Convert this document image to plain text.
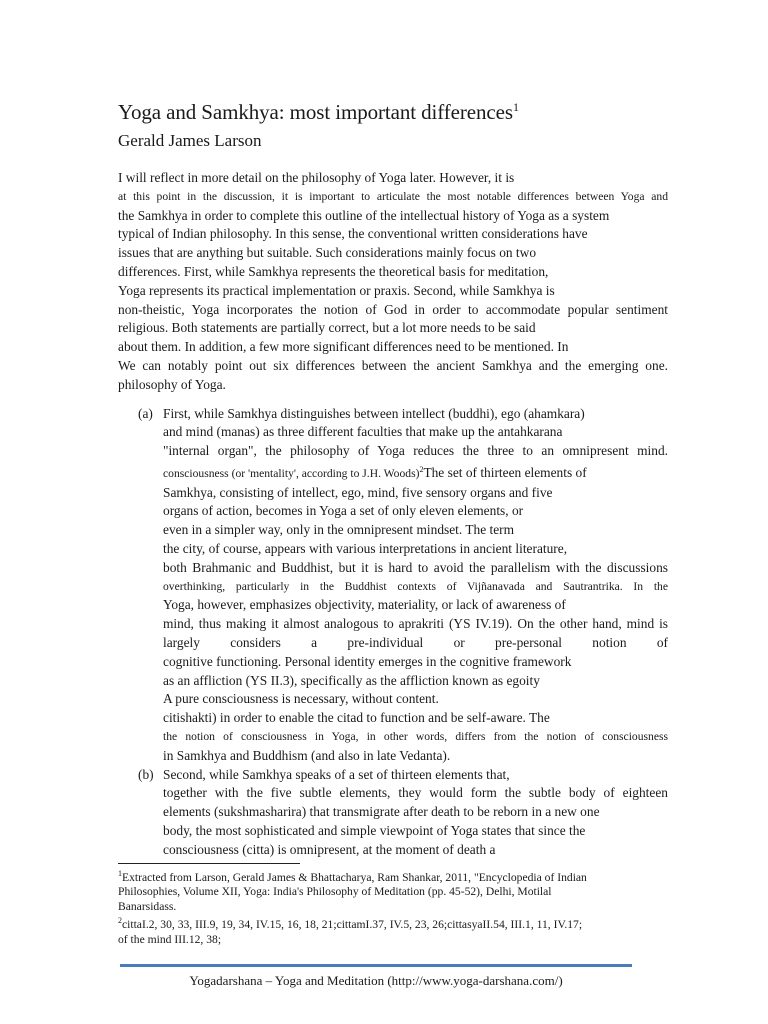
Yoga and Samkhya: most important differences$^1$
Gerald James Larson
I will reflect in more detail on the philosophy of Yoga later. However, it is
at this point in the discussion, it is important to articulate the most notable differences between Yoga and
the Samkhya in order to complete this outline of the intellectual history of Yoga as a system
typical of Indian philosophy. In this sense, the conventional written considerations have
issues that are anything but suitable. Such considerations mainly focus on two
differences. First, while Samkhya represents the theoretical basis for meditation,
Yoga represents its practical implementation or praxis. Second, while Samkhya is
non-theistic, Yoga incorporates the notion of God in order to accommodate popular sentiment
religious. Both statements are partially correct, but a lot more needs to be said
about them. In addition, a few more significant differences need to be mentioned. In
We can notably point out six differences between the ancient Samkhya and the emerging one.
philosophy of Yoga.
(a) First, while Samkhya distinguishes between intellect (buddhi), ego (ahamkara)
and mind (manas) as three different faculties that make up the antahkarana
"internal organ", the philosophy of Yoga reduces the three to an omnipresent mind.
consciousness (or 'mentality', according to J.H. Woods)$^2$The set of thirteen elements of
Samkhya, consisting of intellect, ego, mind, five sensory organs and five
organs of action, becomes in Yoga a set of only eleven elements, or
even in a simpler way, only in the omnipresent mindset. The term
the city, of course, appears with various interpretations in ancient literature,
both Brahmanic and Buddhist, but it is hard to avoid the parallelism with the discussions
overthinking, particularly in the Buddhist contexts of Vijñanavada and Sautrantrika. In the
Yoga, however, emphasizes objectivity, materiality, or lack of awareness of
mind, thus making it almost analogous to aprakriti (YS IV.19). On the other hand, mind is
largely considers a pre-individual or pre-personal notion of
cognitive functioning. Personal identity emerges in the cognitive framework
as an affliction (YS II.3), specifically as the affliction known as egoity
A pure consciousness is necessary, without content.
citishakti) in order to enable the citad to function and be self-aware. The
the notion of consciousness in Yoga, in other words, differs from the notion of consciousness
in Samkhya and Buddhism (and also in late Vedanta).
(b) Second, while Samkhya speaks of a set of thirteen elements that,
together with the five subtle elements, they would form the subtle body of eighteen
elements (sukshmasharira) that transmigrate after death to be reborn in a new one
body, the most sophisticated and simple viewpoint of Yoga states that since the
consciousness (citta) is omnipresent, at the moment of death a
$^1$Extracted from Larson, Gerald James & Bhattacharya, Ram Shankar, 2011, "Encyclopedia of Indian
Philosophies, Volume XII, Yoga: India's Philosophy of Meditation (pp. 45-52), Delhi, Motilal
Banarsidass.
$^2$cittaI.2, 30, 33, III.9, 19, 34, IV.15, 16, 18, 21;cittamI.37, IV.5, 23, 26;cittasyaII.54, III.1, 11, IV.17;
of the mind III.12, 38;
Yogadarshana – Yoga and Meditation (http://www.yoga-darshana.com/)
